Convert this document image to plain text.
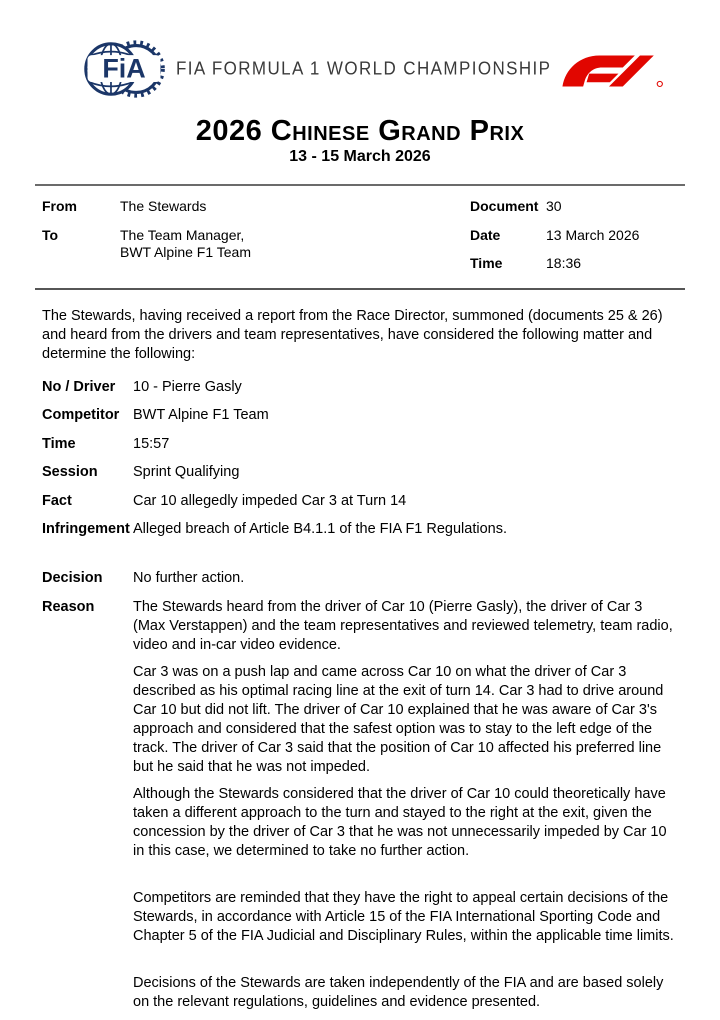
FiA	FIA FORMULA 1 WORLD CHAMPIONSHIP
2026 Chinese Grand Prix
13 - 15 March 2026
From	The Stewards
To	The Team Manager,
BWT Alpine F1 Team
Document 30
Date	13 March 2026
Time	18:36

The Stewards, having received a report from the Race Director, summoned (documents 25 & 26) and heard from the drivers and team representatives, have considered the following matter and determine the following:

No / Driver	10 - Pierre Gasly
Competitor BWT Alpine F1 Team
Time	15:57
Session	Sprint Qualifying
Fact	Car 10 allegedly impeded Car 3 at Turn 14
Infringement Alleged breach of Article B4.1.1 of the FIA F1 Regulations.
Decision	No further action.
Reason	The Stewards heard from the driver of Car 10 (Pierre Gasly), the driver of Car 3 (Max Verstappen) and the team representatives and reviewed telemetry, team radio, video and in-car video evidence.

Car 3 was on a push lap and came across Car 10 on what the driver of Car 3 described as his optimal racing line at the exit of turn 14. Car 3 had to drive around Car 10 but did not lift. The driver of Car 10 explained that he was aware of Car 3's approach and considered that the safest option was to stay to the left edge of the track. The driver of Car 3 said that the position of Car 10 affected his preferred line but he said that he was not impeded.

Although the Stewards considered that the driver of Car 10 could theoretically have taken a different approach to the turn and stayed to the right at the exit, given the concession by the driver of Car 3 that he was not unnecessarily impeded by Car 10 in this case, we determined to take no further action.

Competitors are reminded that they have the right to appeal certain decisions of the Stewards, in accordance with Article 15 of the FIA International Sporting Code and Chapter 5 of the FIA Judicial and Disciplinary Rules, within the applicable time limits.

Decisions of the Stewards are taken independently of the FIA and are based solely on the relevant regulations, guidelines and evidence presented.
